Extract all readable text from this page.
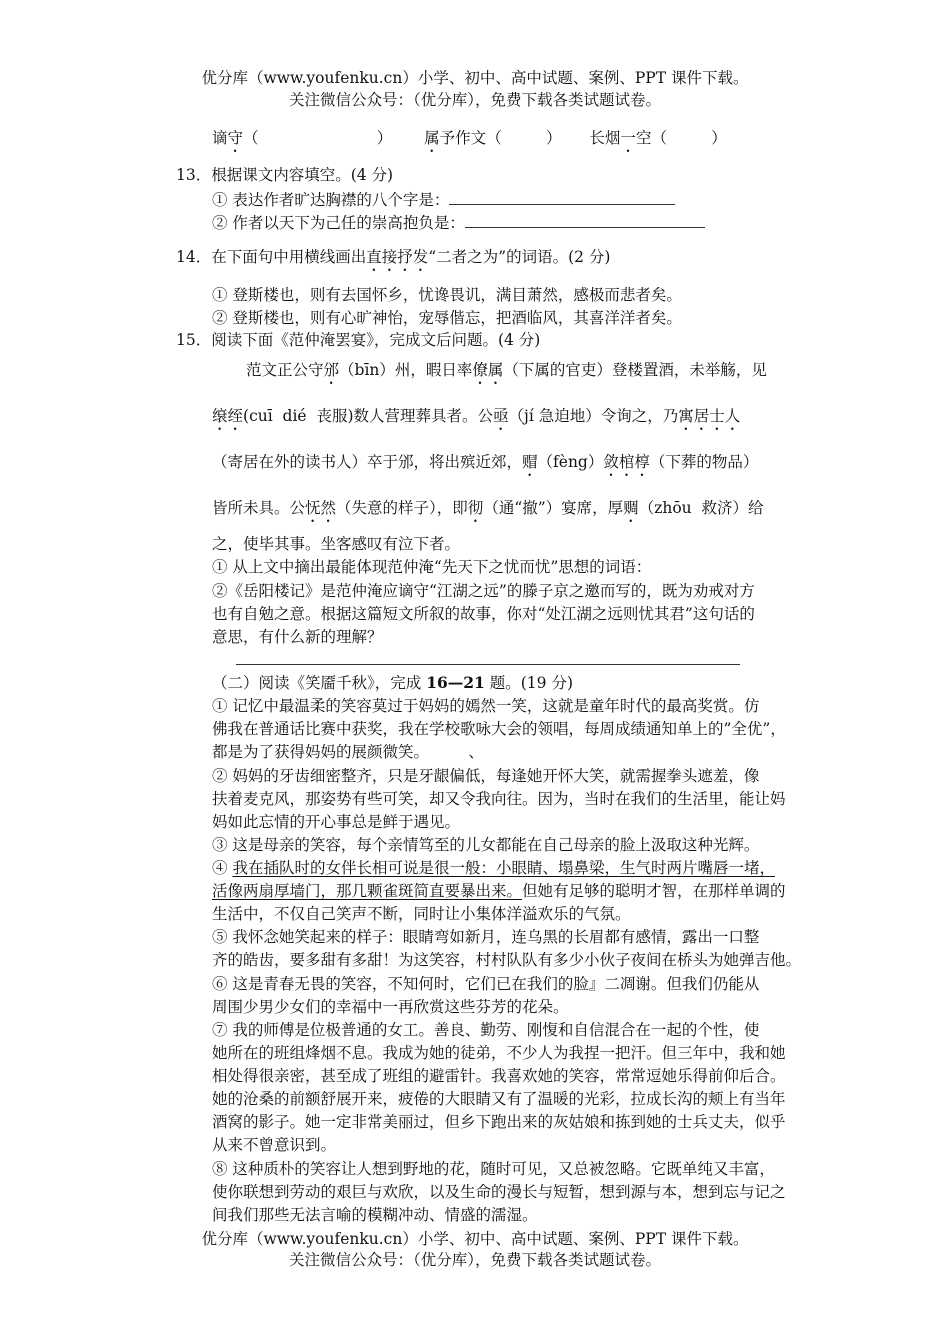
优分库（www.youfenku.cn）小学、初中、高中试题、案例、PPT 课件下载。
关注微信公众号：（优分库），免费下载各类试题试卷。
谪守（                        ） 属予作文（         ） 长烟一空（         ）
13．根据课文内容填空。(4 分)
① 表达作者旷达胸襟的八个字是：
② 作者以天下为己任的崇高抱负是：
14．在下面句中用横线画出直接抒发“二者之为”的词语。(2 分)
① 登斯楼也，则有去国怀乡，忧谗畏讥，满目萧然，感极而悲者矣。
② 登斯楼也，则有心旷神怡，宠辱偕忘，把酒临风，其喜洋洋者矣。
15．阅读下面《范仲淹罢宴》，完成文后问题。(4 分)
范文正公守邠（bīn）州，暇日率僚属（下属的官吏）登楼置酒，未举觞，见
缞绖(cuī  dié  丧服)数人营理葬具者。公亟（jí 急迫地）令询之，乃寓居士人
（寄居在外的读书人）卒于邠，将出殡近郊，赗（fèng）敛棺椁（下葬的物品）
皆所未具。公怃然（失意的样子），即彻（通“撤”）宴席，厚赒（zhōu  救济）给
之，使毕其事。坐客感叹有泣下者。
① 从上文中摘出最能体现范仲淹“先天下之忧而忧”思想的词语：
②《岳阳楼记》是范仲淹应谪守“江湖之远”的滕子京之邀而写的，既为劝戒对方
也有自勉之意。根据这篇短文所叙的故事，你对“处江湖之远则忧其君”这句话的
意思，有什么新的理解？
（二）阅读《笑靥千秋》，完成 16—21 题。(19 分)
① 记忆中最温柔的笑容莫过于妈妈的嫣然一笑，这就是童年时代的最高奖赏。仿
佛我在普通话比赛中获奖，我在学校歌咏大会的领唱，每周成绩通知单上的”全优”，
都是为了获得妈妈的展颜微笑。        、
② 妈妈的牙齿细密整齐，只是牙龈偏低，每逢她开怀大笑，就需握拳头遮羞，像
扶着麦克风，那姿势有些可笑，却又令我向往。因为，当时在我们的生活里，能让妈
妈如此忘情的开心事总是鲜于遇见。
③ 这是母亲的笑容，每个亲情笃至的儿女都能在自己母亲的脸上汲取这种光辉。
④ 我在插队时的女伴长相可说是很一般：小眼睛、塌鼻梁，生气时两片嘴唇一堵，
活像两扇厚墙门，那几颗雀斑简直要暴出来。但她有足够的聪明才智，在那样单调的
生活中，不仅自己笑声不断，同时让小集体洋溢欢乐的气氛。
⑤ 我怀念她笑起来的样子：眼睛弯如新月，连乌黑的长眉都有感情，露出一口整
齐的皓齿，要多甜有多甜！为这笑容，村村队队有多少小伙子夜间在桥头为她弹吉他。
⑥ 这是青春无畏的笑容，不知何时，它们已在我们的脸』二凋谢。但我们仍能从
周围少男少女们的幸福中一再欣赏这些芬芳的花朵。
⑦ 我的师傅是位极普通的女工。善良、勤劳、刚愎和自信混合在一起的个性，使
她所在的班组烽烟不息。我成为她的徒弟，不少人为我捏一把汗。但三年中，我和她
相处得很亲密，甚至成了班组的避雷针。我喜欢她的笑容，常常逗她乐得前仰后合。
她的沧桑的前额舒展开来，疲倦的大眼睛又有了温暖的光彩，拉成长沟的颊上有当年
酒窝的影子。她一定非常美丽过，但乡下跑出来的灰姑娘和拣到她的士兵丈夫，似乎
从来不曾意识到。
⑧ 这种质朴的笑容让人想到野地的花，随时可见，又总被忽略。它既单纯又丰富，
使你联想到劳动的艰巨与欢欣，以及生命的漫长与短暂，想到源与本，想到忘与记之
间我们那些无法言喻的模糊冲动、情盛的濡湿。
优分库（www.youfenku.cn）小学、初中、高中试题、案例、PPT 课件下载。
关注微信公众号：（优分库），免费下载各类试题试卷。
